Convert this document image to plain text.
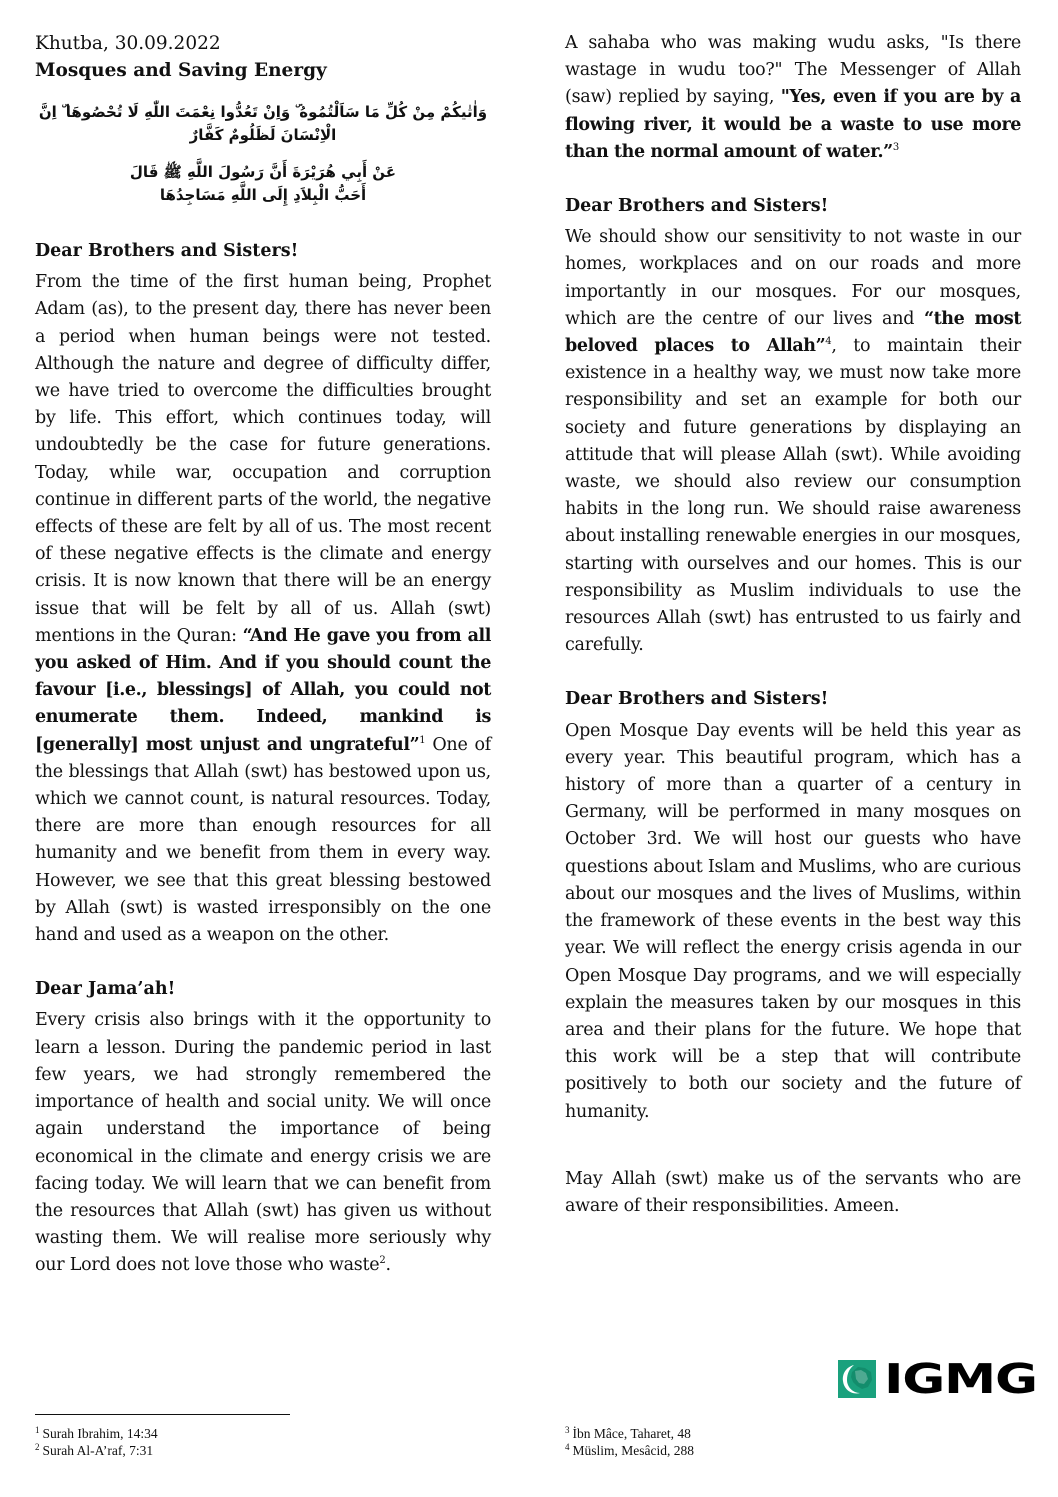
Khutba, 30.09.2022

Mosques and Saving Energy

وَاٰتٰيكُمْ مِنْ كُلِّ مَا سَاَلْتُمُوهُ ۜ وَاِنْ تَعُدُّوا نِعْمَتَ اللّٰهِ لَا تُحْصُوهَا ۜ اِنَّ
الْاِنْسَانَ لَظَلُومٌ كَفَّارٌ

عَنْ أَبِي هُرَيْرَةَ أَنَّ رَسُولَ اللَّهِ ﷺ قَالَ
أَحَبُّ الْبِلاَدِ إِلَى اللَّهِ مَسَاجِدُهَا

Dear Brothers and Sisters!

From the time of the first human being, Prophet Adam (as), to the present day, there has never been a period when human beings were not tested. Although the nature and degree of difficulty differ, we have tried to overcome the difficulties brought by life. This effort, which continues today, will undoubtedly be the case for future generations. Today, while war, occupation and corruption continue in different parts of the world, the negative effects of these are felt by all of us. The most recent of these negative effects is the climate and energy crisis. It is now known that there will be an energy issue that will be felt by all of us. Allah (swt) mentions in the Quran: “And He gave you from all you asked of Him. And if you should count the favour [i.e., blessings] of Allah, you could not enumerate them. Indeed, mankind is [generally] most unjust and ungrateful”$^1$ One of the blessings that Allah (swt) has bestowed upon us, which we cannot count, is natural resources. Today, there are more than enough resources for all humanity and we benefit from them in every way. However, we see that this great blessing bestowed by Allah (swt) is wasted irresponsibly on the one hand and used as a weapon on the other.

Dear Jama’ah!

Every crisis also brings with it the opportunity to learn a lesson. During the pandemic period in last few years, we had strongly remembered the importance of health and social unity. We will once again understand the importance of being economical in the climate and energy crisis we are facing today. We will learn that we can benefit from the resources that Allah (swt) has given us without wasting them. We will realise more seriously why our Lord does not love those who waste$^2$.

A sahaba who was making wudu asks, "Is there wastage in wudu too?" The Messenger of Allah (saw) replied by saying, "Yes, even if you are by a flowing river, it would be a waste to use more than the normal amount of water.”$^3$

Dear Brothers and Sisters!

We should show our sensitivity to not waste in our homes, workplaces and on our roads and more importantly in our mosques. For our mosques, which are the centre of our lives and “the most beloved places to Allah”$^4$, to maintain their existence in a healthy way, we must now take more responsibility and set an example for both our society and future generations by displaying an attitude that will please Allah (swt). While avoiding waste, we should also review our consumption habits in the long run. We should raise awareness about installing renewable energies in our mosques, starting with ourselves and our homes. This is our responsibility as Muslim individuals to use the resources Allah (swt) has entrusted to us fairly and carefully.

Dear Brothers and Sisters!

Open Mosque Day events will be held this year as every year. This beautiful program, which has a history of more than a quarter of a century in Germany, will be performed in many mosques on October 3rd. We will host our guests who have questions about Islam and Muslims, who are curious about our mosques and the lives of Muslims, within the framework of these events in the best way this year. We will reflect the energy crisis agenda in our Open Mosque Day programs, and we will especially explain the measures taken by our mosques in this area and their plans for the future. We hope that this work will be a step that will contribute positively to both our society and the future of humanity.

May Allah (swt) make us of the servants who are aware of their responsibilities. Ameen.

IGMG
$^1$ Surah Ibrahim, 14:34
$^2$ Surah Al-A’raf, 7:31
$^3$ İbn Mâce, Taharet, 48
$^4$ Müslim, Mesâcid, 288
